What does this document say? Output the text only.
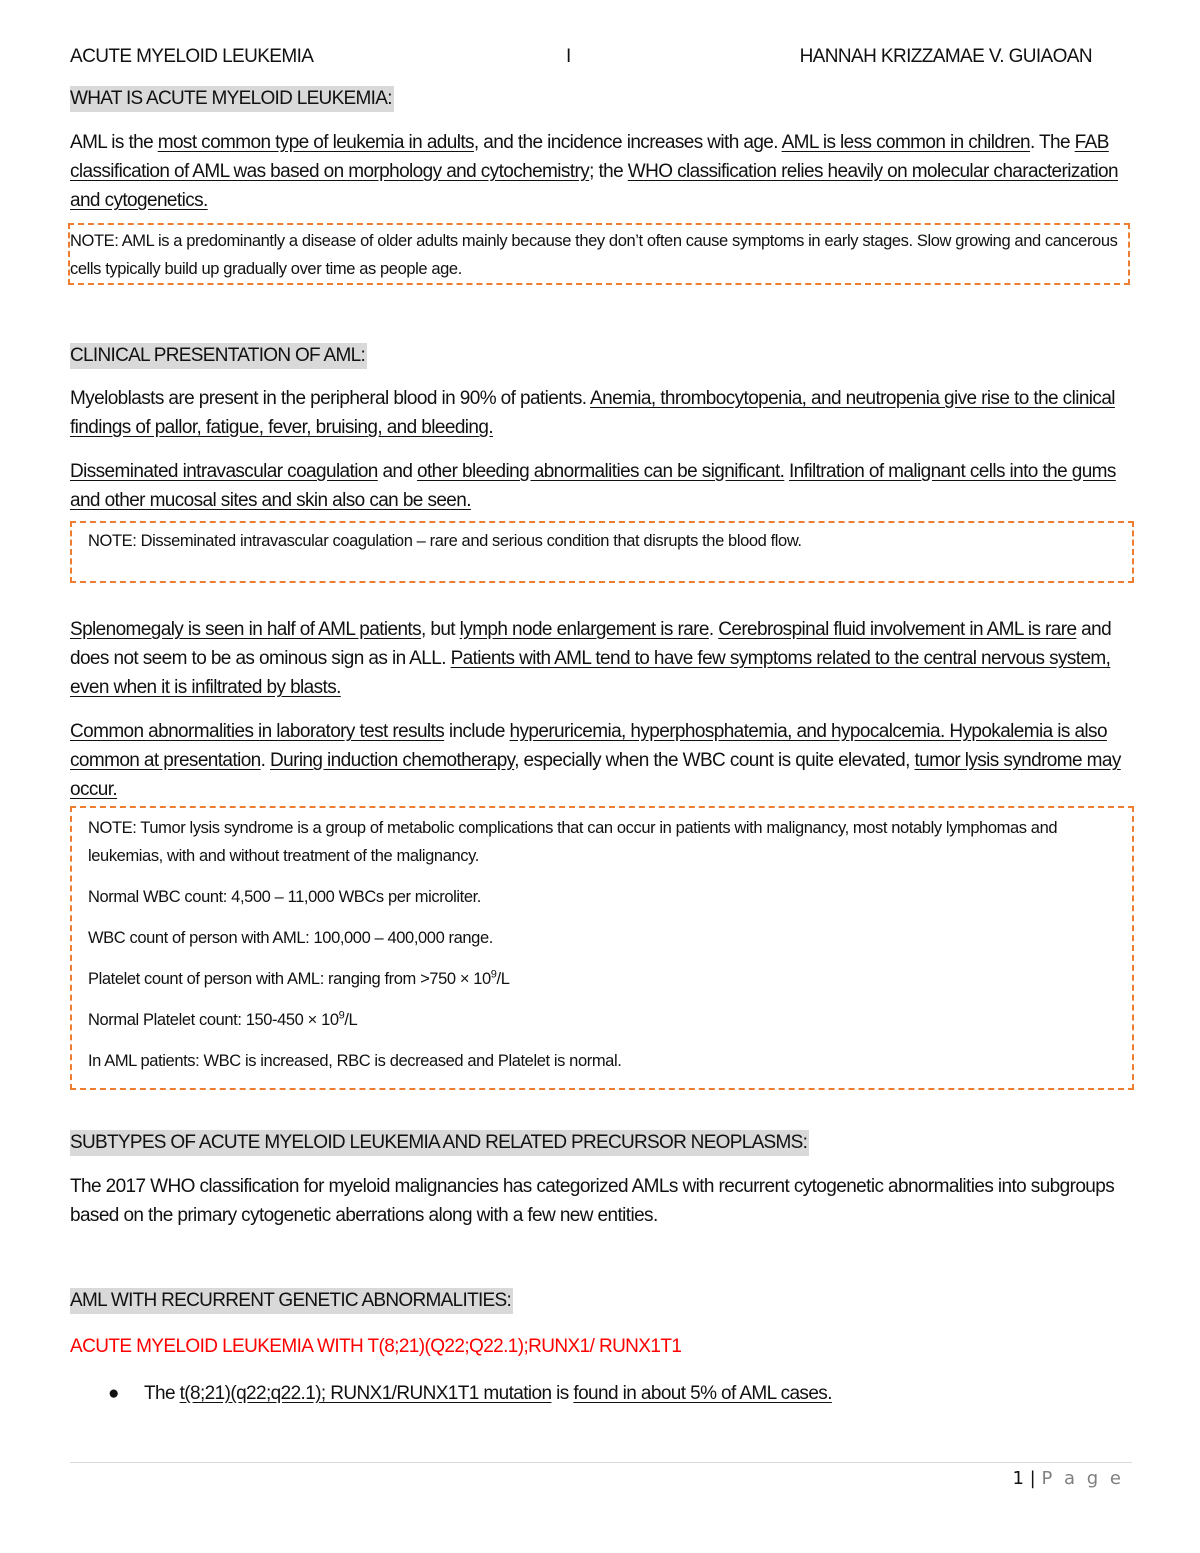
ACUTE MYELOID LEUKEMIA	I	HANNAH KRIZZAMAE V. GUIAOAN
WHAT IS ACUTE MYELOID LEUKEMIA:

AML is the most common type of leukemia in adults, and the incidence increases with age. AML is less common in children. The FAB classification of AML was based on morphology and cytochemistry; the WHO classification relies heavily on molecular characterization and cytogenetics.

NOTE: AML is a predominantly a disease of older adults mainly because they don’t often cause symptoms in early stages. Slow growing and cancerous cells typically build up gradually over time as people age.

CLINICAL PRESENTATION OF AML:

Myeloblasts are present in the peripheral blood in 90% of patients. Anemia, thrombocytopenia, and neutropenia give rise to the clinical findings of pallor, fatigue, fever, bruising, and bleeding.

Disseminated intravascular coagulation and other bleeding abnormalities can be significant. Infiltration of malignant cells into the gums and other mucosal sites and skin also can be seen.

NOTE: Disseminated intravascular coagulation – rare and serious condition that disrupts the blood flow.

Splenomegaly is seen in half of AML patients, but lymph node enlargement is rare. Cerebrospinal fluid involvement in AML is rare and does not seem to be as ominous sign as in ALL. Patients with AML tend to have few symptoms related to the central nervous system, even when it is infiltrated by blasts.

Common abnormalities in laboratory test results include hyperuricemia, hyperphosphatemia, and hypocalcemia. Hypokalemia is also common at presentation. During induction chemotherapy, especially when the WBC count is quite elevated, tumor lysis syndrome may occur.

NOTE: Tumor lysis syndrome is a group of metabolic complications that can occur in patients with malignancy, most notably lymphomas and leukemias, with and without treatment of the malignancy.

Normal WBC count: 4,500 – 11,000 WBCs per microliter.

WBC count of person with AML: 100,000 – 400,000 range.

Platelet count of person with AML: ranging from $>750 \times 10^9/L$

Normal Platelet count: $150-450 \times 10^9/L$

In AML patients: WBC is increased, RBC is decreased and Platelet is normal.

SUBTYPES OF ACUTE MYELOID LEUKEMIA AND RELATED PRECURSOR NEOPLASMS:

The 2017 WHO classification for myeloid malignancies has categorized AMLs with recurrent cytogenetic abnormalities into subgroups based on the primary cytogenetic aberrations along with a few new entities.

AML WITH RECURRENT GENETIC ABNORMALITIES:
ACUTE MYELOID LEUKEMIA WITH T(8;21)(Q22;Q22.1);RUNX1/ RUNX1T1
●	The t(8;21)(q22;q22.1); RUNX1/RUNX1T1 mutation is found in about 5% of AML cases.
1 | P a g e
